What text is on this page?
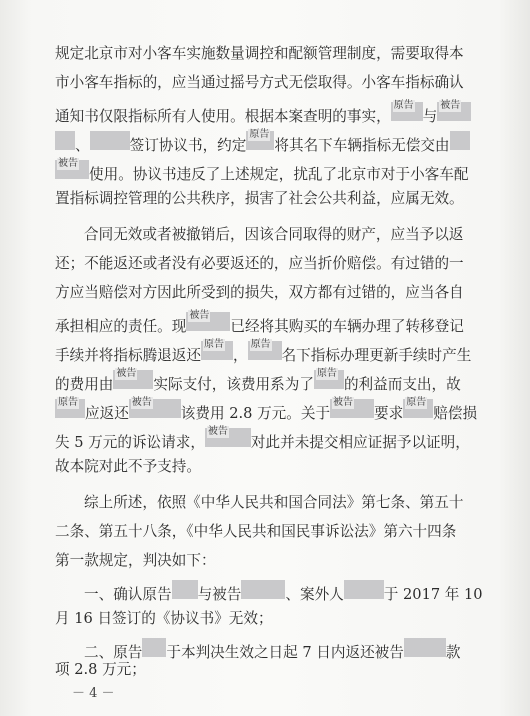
规定北京市对小客车实施数量调控和配额管理制度，需要取得本
市小客车指标的，应当通过摇号方式无偿取得。小客车指标确认
通知书仅限指标所有人使用。根据本案查明的事实，
原告
与
被告
、	签订协议书，约定
原告
将其名下车辆指标无偿交由
被告
使用。协议书违反了上述规定，扰乱了北京市对于小客车配
置指标调控管理的公共秩序，损害了社会公共利益，应属无效。
合同无效或者被撤销后，因该合同取得的财产，应当予以返
还；不能返还或者没有必要返还的，应当折价赔偿。有过错的一
方应当赔偿对方因此所受到的损失，双方都有过错的，应当各自
承担相应的责任。现
被告
已经将其购买的车辆办理了转移登记
手续并将指标腾退返还
原告
，
原告
名下指标办理更新手续时产生
的费用由
被告
实际支付，该费用系为了
原告
的利益而支出，故
原告
应返还
被告
该费用 2.8 万元。关于
被告
要求
原告
赔偿损
失 5 万元的诉讼请求，
被告
对此并未提交相应证据予以证明，
故本院对此不予支持。
综上所述，依照《中华人民共和国合同法》第七条、第五十
二条、第五十八条，《中华人民共和国民事诉讼法》第六十四条
第一款规定，判决如下：
一、确认原告 与被告	、案外人	于 2017 年 10
月 16 日签订的《协议书》无效；
二、原告 于本判决生效之日起 7 日内返还被告	款
项 2.8 万元；
－ 4 －
